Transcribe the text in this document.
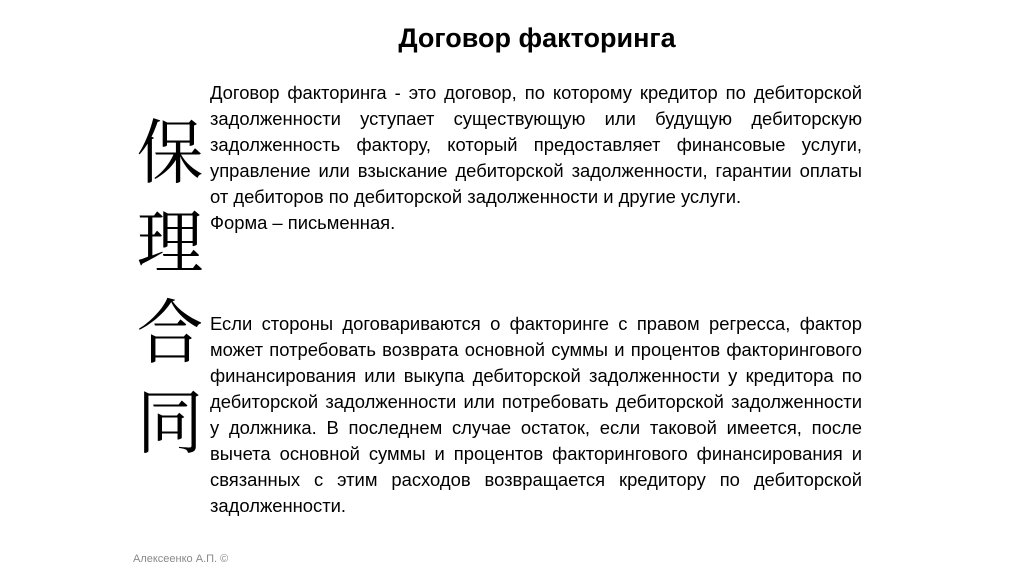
Договор факторинга
保
理
合
同

Договор факторинга - это договор, по которому кредитор по дебиторской задолженности уступает существующую или будущую дебиторскую задолженность фактору, который предоставляет финансовые услуги, управление или взыскание дебиторской задолженности, гарантии оплаты от дебиторов по дебиторской задолженности и другие услуги.

Форма – письменная.

Если стороны договариваются о факторинге с правом регресса, фактор может потребовать возврата основной суммы и процентов факторингового финансирования или выкупа дебиторской задолженности у кредитора по дебиторской задолженности или потребовать дебиторской задолженности у должника. В последнем случае остаток, если таковой имеется, после вычета основной суммы и процентов факторингового финансирования и связанных с этим расходов возвращается кредитору по дебиторской задолженности.

Алексеенко А.П. ©
